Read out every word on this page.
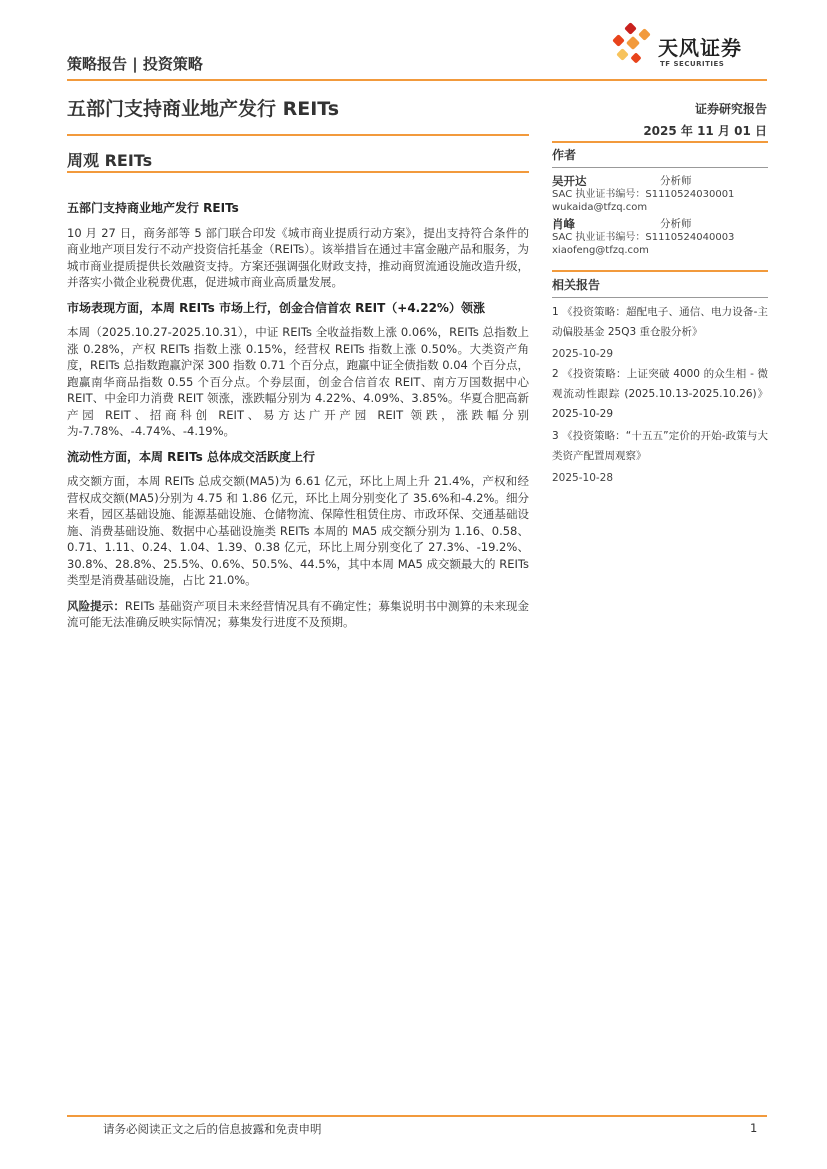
策略报告 | 投资策略
天风证券
TF SECURITIES
五部门支持商业地产发行 REITs	证券研究报告
2025 年 11 月 01 日
周观 REITs
五部门支持商业地产发行 REITs

10 月 27 日，商务部等 5 部门联合印发《城市商业提质行动方案》，提出支持符合条件的商业地产项目发行不动产投资信托基金（REITs）。该举措旨在通过丰富金融产品和服务，为城市商业提质提供长效融资支持。方案还强调强化财政支持，推动商贸流通设施改造升级，并落实小微企业税费优惠，促进城市商业高质量发展。

市场表现方面，本周 REITs 市场上行，创金合信首农 REIT（+4.22%）领涨

本周（2025.10.27-2025.10.31），中证 REITs 全收益指数上涨 0.06%，REITs 总指数上涨 0.28%，产权 REITs 指数上涨 0.15%，经营权 REITs 指数上涨 0.50%。大类资产角度，REITs 总指数跑赢沪深 300 指数 0.71 个百分点，跑赢中证全债指数 0.04 个百分点，跑赢南华商品指数 0.55 个百分点。个券层面，创金合信首农 REIT、南方万国数据中心 REIT、中金印力消费 REIT 领涨，涨跌幅分别为 4.22%、4.09%、3.85%。华夏合肥高新产园 REIT、招商科创 REIT、易方达广开产园 REIT 领跌，涨跌幅分别为-7.78%、-4.74%、-4.19%。

流动性方面，本周 REITs 总体成交活跃度上行

成交额方面，本周 REITs 总成交额(MA5)为 6.61 亿元，环比上周上升 21.4%，产权和经营权成交额(MA5)分别为 4.75 和 1.86 亿元，环比上周分别变化了 35.6%和-4.2%。细分来看，园区基础设施、能源基础设施、仓储物流、保障性租赁住房、市政环保、交通基础设施、消费基础设施、数据中心基础设施类 REITs 本周的 MA5 成交额分别为 1.16、0.58、0.71、1.11、0.24、1.04、1.39、0.38 亿元，环比上周分别变化了 27.3%、-19.2%、30.8%、28.8%、25.5%、0.6%、50.5%、44.5%，其中本周 MA5 成交额最大的 REITs 类型是消费基础设施，占比 21.0%。

风险提示：REITs 基础资产项目未来经营情况具有不确定性；募集说明书中测算的未来现金流可能无法准确反映实际情况；募集发行进度不及预期。

作者
吴开达	分析师
SAC 执业证书编号：S1110524030001
wukaida@tfzq.com
肖峰	分析师
SAC 执业证书编号：S1110524040003
xiaofeng@tfzq.com
相关报告
1 《投资策略：超配电子、通信、电力设备-主动偏股基金 25Q3 重仓股分析》
2025-10-29
2 《投资策略：上证突破 4000 的众生相 - 微观流动性跟踪 (2025.10.13-2025.10.26)》 2025-10-29
3 《投资策略：“十五五”定价的开始-政策与大类资产配置周观察》
2025-10-28
请务必阅读正文之后的信息披露和免责申明	1
